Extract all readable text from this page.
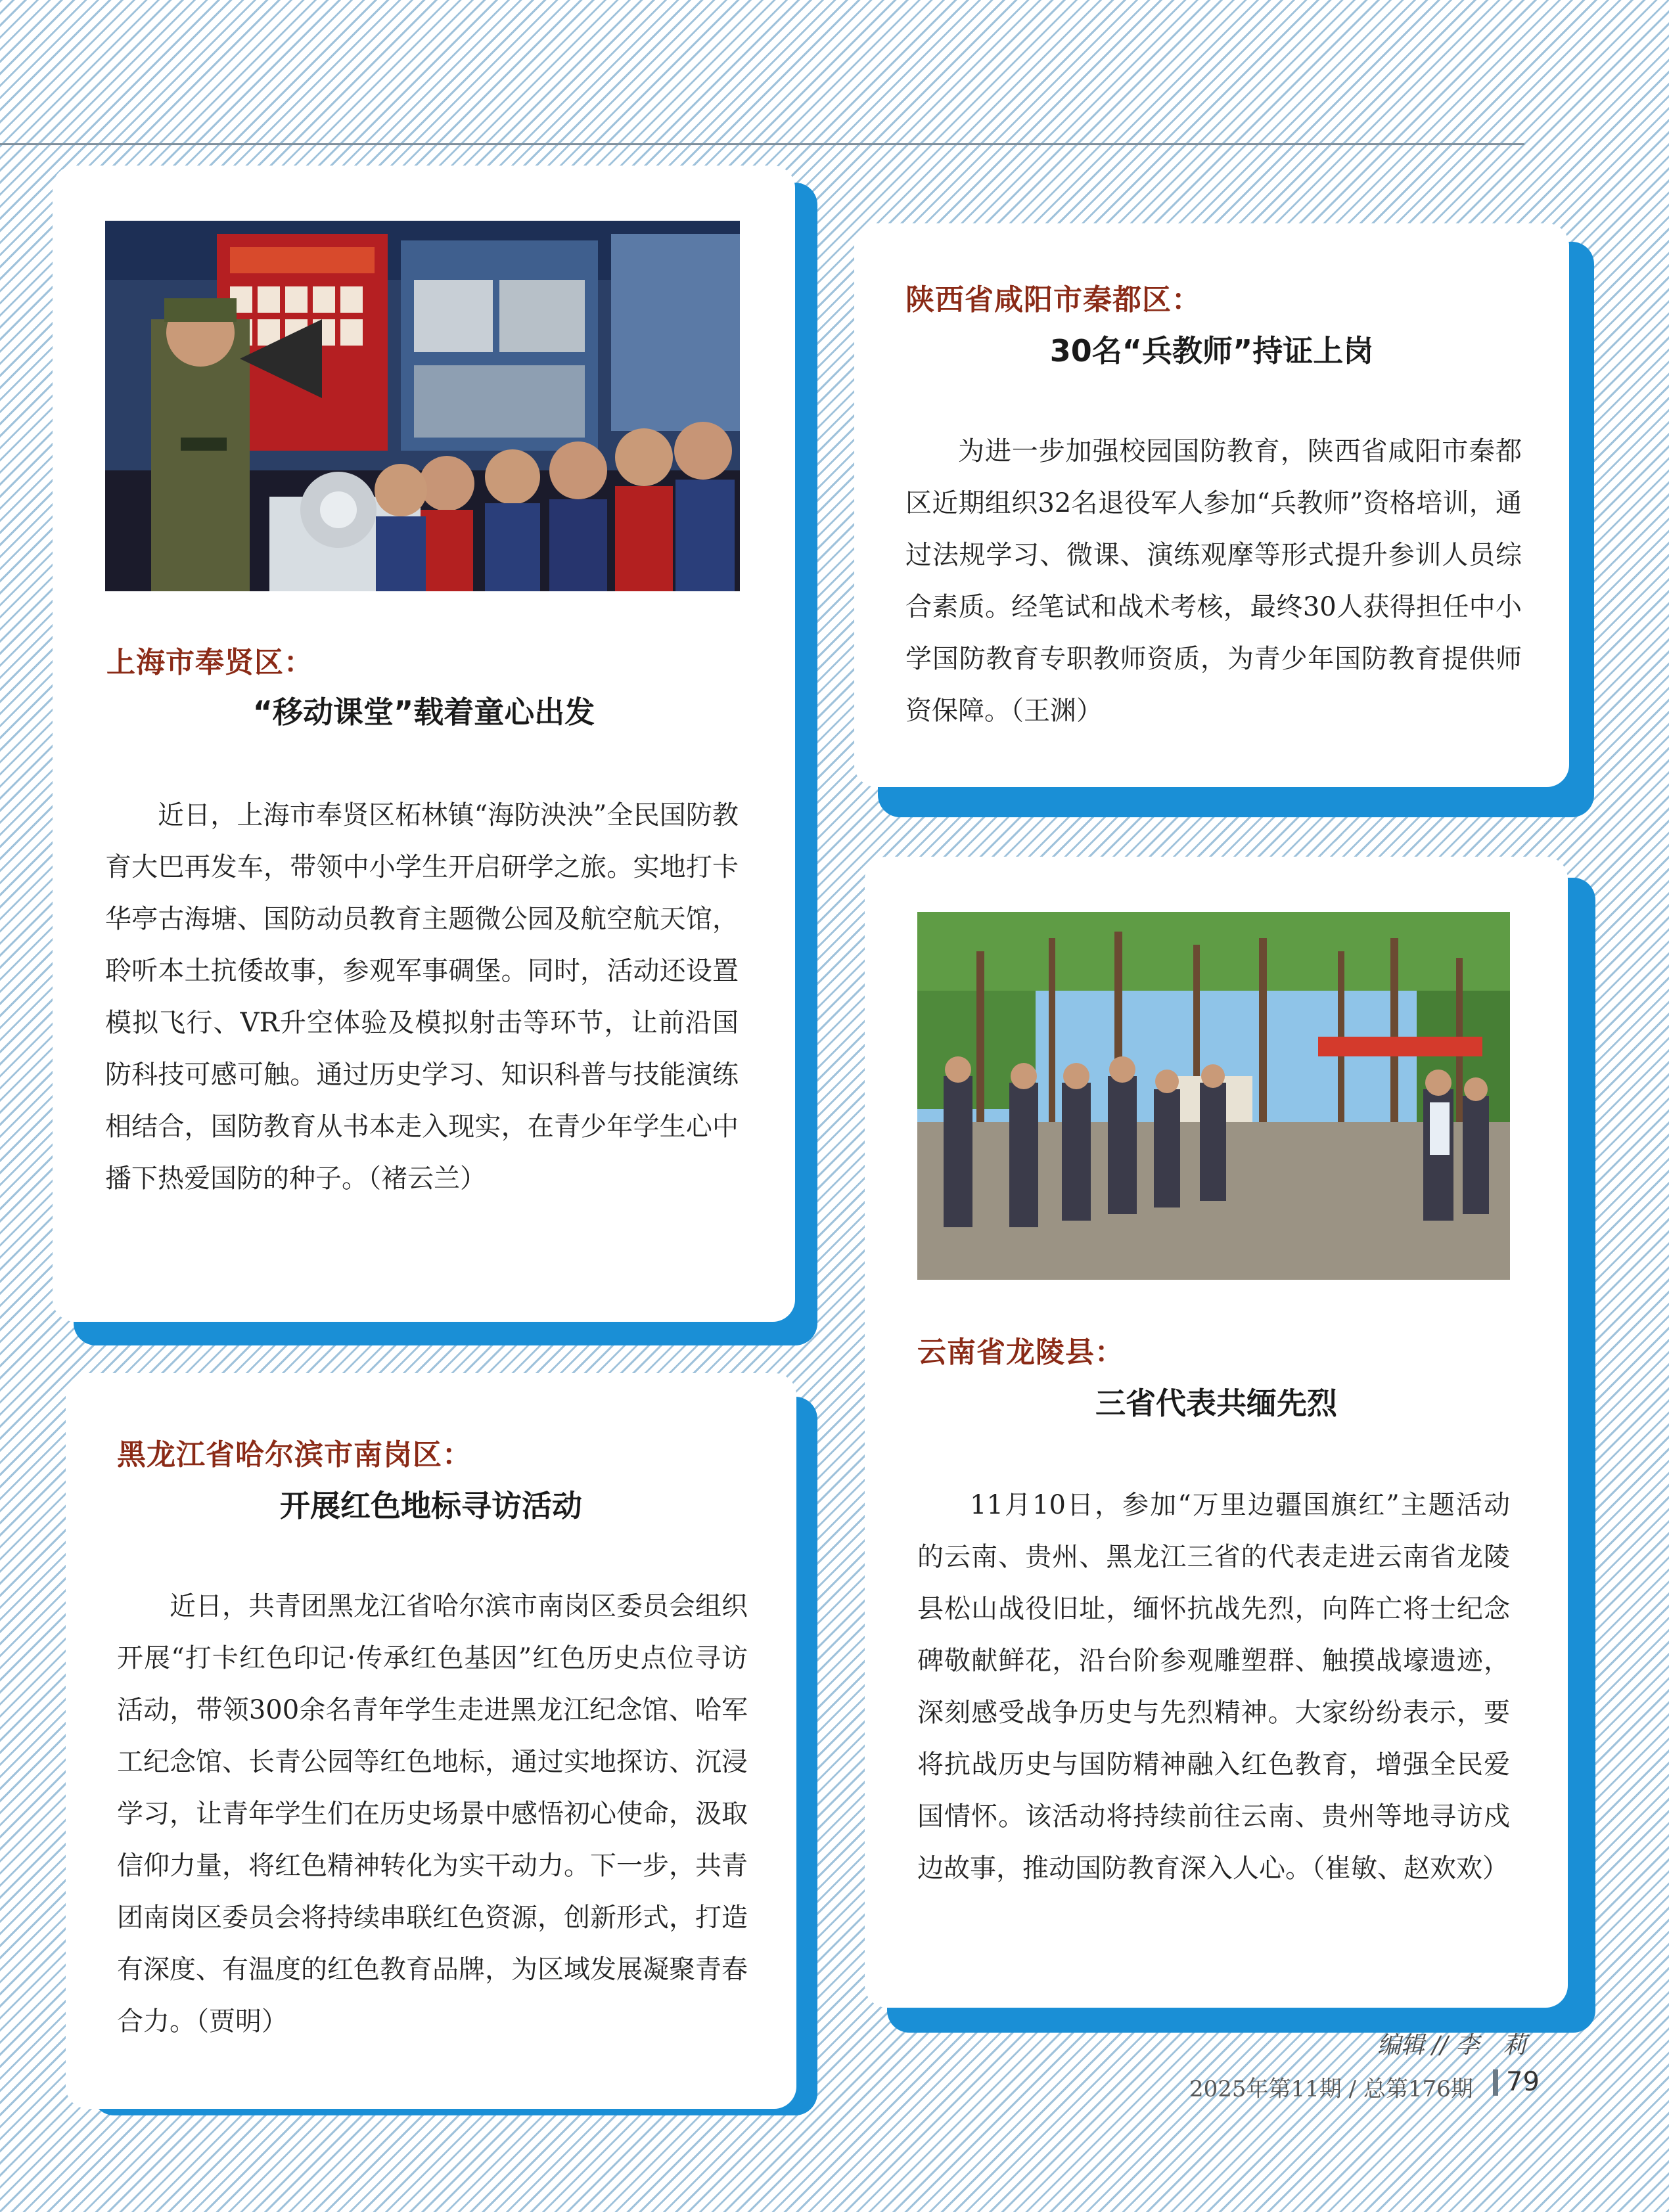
上海市奉贤区：
“移动课堂”载着童心出发

近日，上海市奉贤区柘林镇“海防泱泱”全民国防教育大巴再发车，带领中小学生开启研学之旅。实地打卡华亭古海塘、国防动员教育主题微公园及航空航天馆，聆听本土抗倭故事，参观军事碉堡。同时，活动还设置模拟飞行、VR升空体验及模拟射击等环节，让前沿国防科技可感可触。通过历史学习、知识科普与技能演练相结合，国防教育从书本走入现实，在青少年学生心中播下热爱国防的种子。（褚云兰）

陕西省咸阳市秦都区：
30名“兵教师”持证上岗

为进一步加强校园国防教育，陕西省咸阳市秦都区近期组织32名退役军人参加“兵教师”资格培训，通过法规学习、微课、演练观摩等形式提升参训人员综合素质。经笔试和战术考核，最终30人获得担任中小学国防教育专职教师资质，为青少年国防教育提供师资保障。（王渊）

云南省龙陵县：
三省代表共缅先烈

11月10日，参加“万里边疆国旗红”主题活动的云南、贵州、黑龙江三省的代表走进云南省龙陵县松山战役旧址，缅怀抗战先烈，向阵亡将士纪念碑敬献鲜花，沿台阶参观雕塑群、触摸战壕遗迹，深刻感受战争历史与先烈精神。大家纷纷表示，要将抗战历史与国防精神融入红色教育，增强全民爱国情怀。该活动将持续前往云南、贵州等地寻访戍边故事，推动国防教育深入人心。（崔敏、赵欢欢）

黑龙江省哈尔滨市南岗区：
开展红色地标寻访活动

近日，共青团黑龙江省哈尔滨市南岗区委员会组织开展“打卡红色印记·传承红色基因”红色历史点位寻访活动，带领300余名青年学生走进黑龙江纪念馆、哈军工纪念馆、长青公园等红色地标，通过实地探访、沉浸学习，让青年学生们在历史场景中感悟初心使命，汲取信仰力量，将红色精神转化为实干动力。下一步，共青团南岗区委员会将持续串联红色资源，创新形式，打造有深度、有温度的红色教育品牌，为区域发展凝聚青春合力。（贾明）

编辑 // 李　莉
2025年第11期 / 总第176期 79
